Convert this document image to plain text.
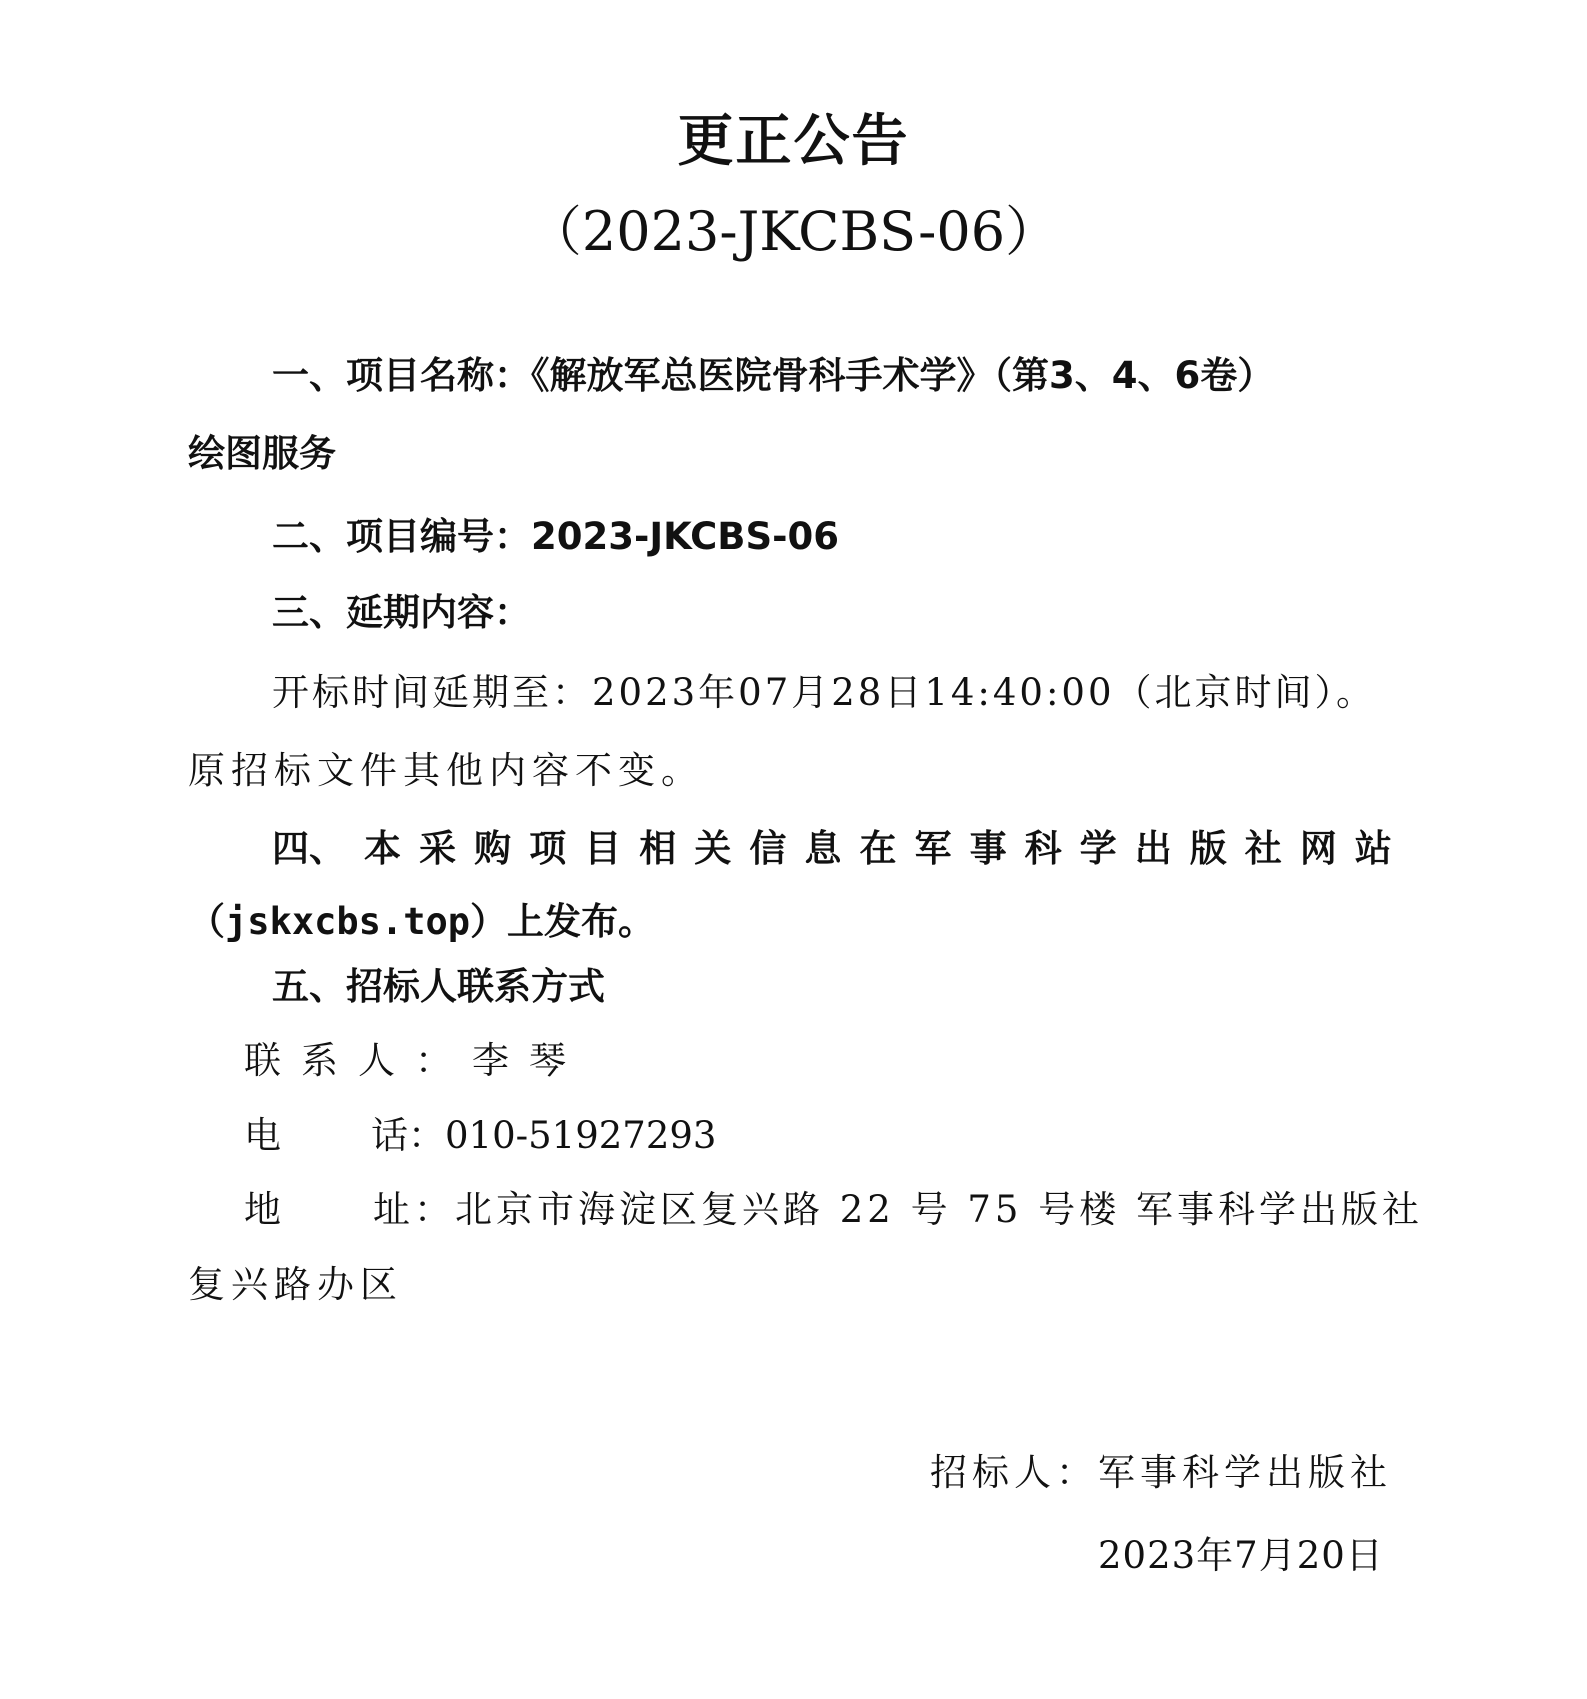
更正公告
（2023-JKCBS-06）
一、项目名称：《解放军总医院骨科手术学》（第3、4、6卷）
绘图服务
二、项目编号：2023-JKCBS-06
三、延期内容：
开标时间延期至：2023年07月28日14:40:00（北京时间）。
原招标文件其他内容不变。
四、 本 采 购 项 目 相 关 信 息 在 军 事 科 学 出 版 社 网 站
（jskxcbs.top）上发布。
五、招标人联系方式
联系人：李琴
电 话：010-51927293
地 址：北京市海淀区复兴路 22 号 75 号楼 军事科学出版社
复兴路办区
招标人：军事科学出版社
2023年7月20日
